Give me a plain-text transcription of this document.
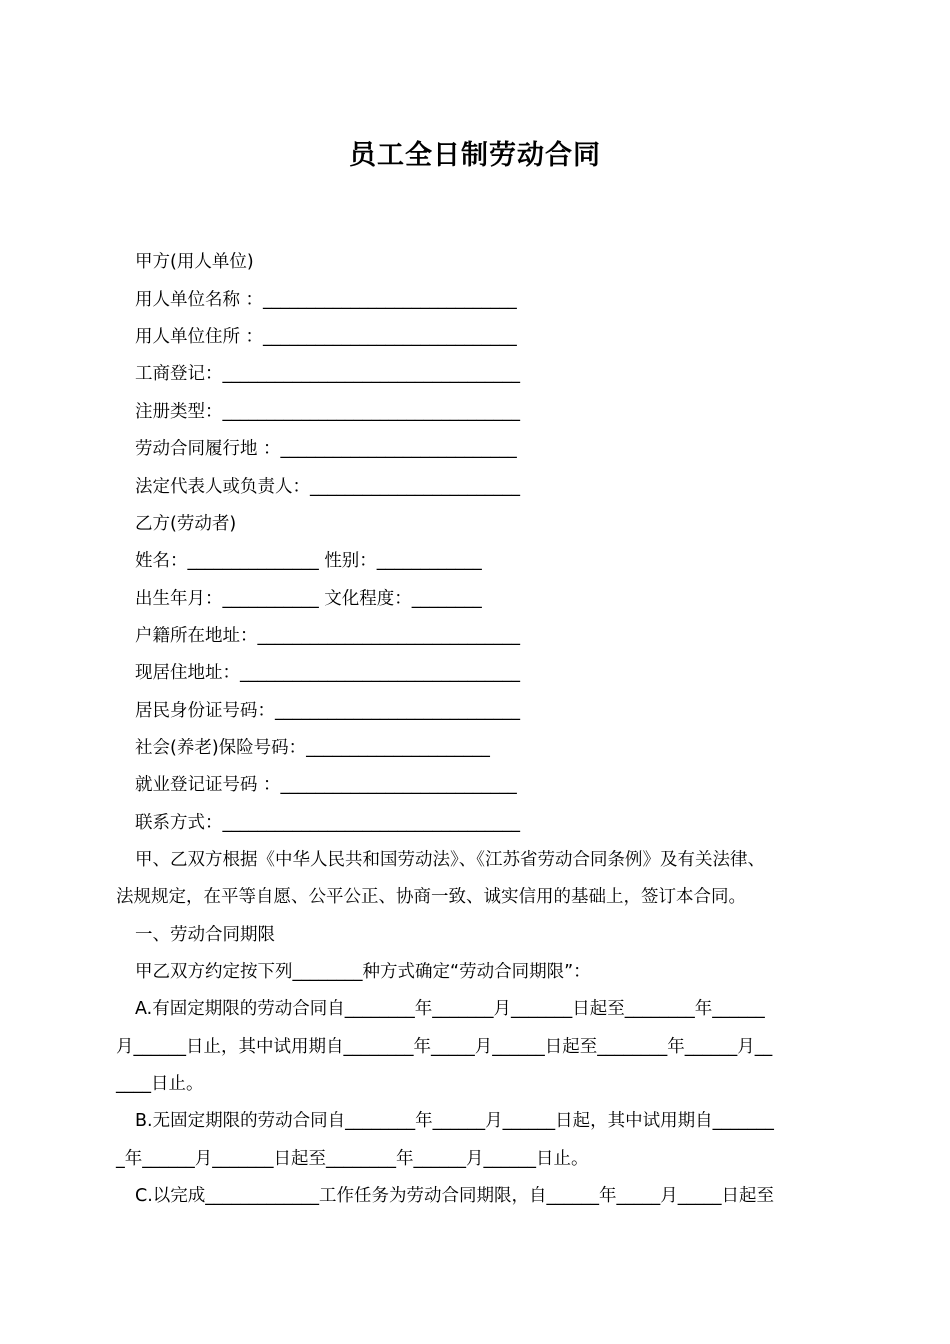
员工全日制劳动合同
甲方(用人单位)
用人单位名称 ：_____________________________
用人单位住所 ：_____________________________
工商登记：__________________________________
注册类型：__________________________________
劳动合同履行地 ：___________________________
法定代表人或负责人：________________________
乙方(劳动者)
姓名：_______________ 性别：____________
出生年月：___________ 文化程度：________
户籍所在地址：______________________________
现居住地址：________________________________
居民身份证号码：____________________________
社会(养老)保险号码：_____________________
就业登记证号码 ：___________________________
联系方式：__________________________________
甲、乙双方根据《中华人民共和国劳动法》、《江苏省劳动合同条例》及有关法律、
法规规定，在平等自愿、公平公正、协商一致、诚实信用的基础上，签订本合同。
一、劳动合同期限
甲乙双方约定按下列________种方式确定“劳动合同期限”：
A.有固定期限的劳动合同自________年_______月_______日起至________年______
月______日止，其中试用期自________年_____月______日起至________年______月__
____日止。
B.无固定期限的劳动合同自________年______月______日起，其中试用期自_______
_年______月_______日起至________年______月______日止。
C.以完成_____________工作任务为劳动合同期限，自______年_____月_____日起至
